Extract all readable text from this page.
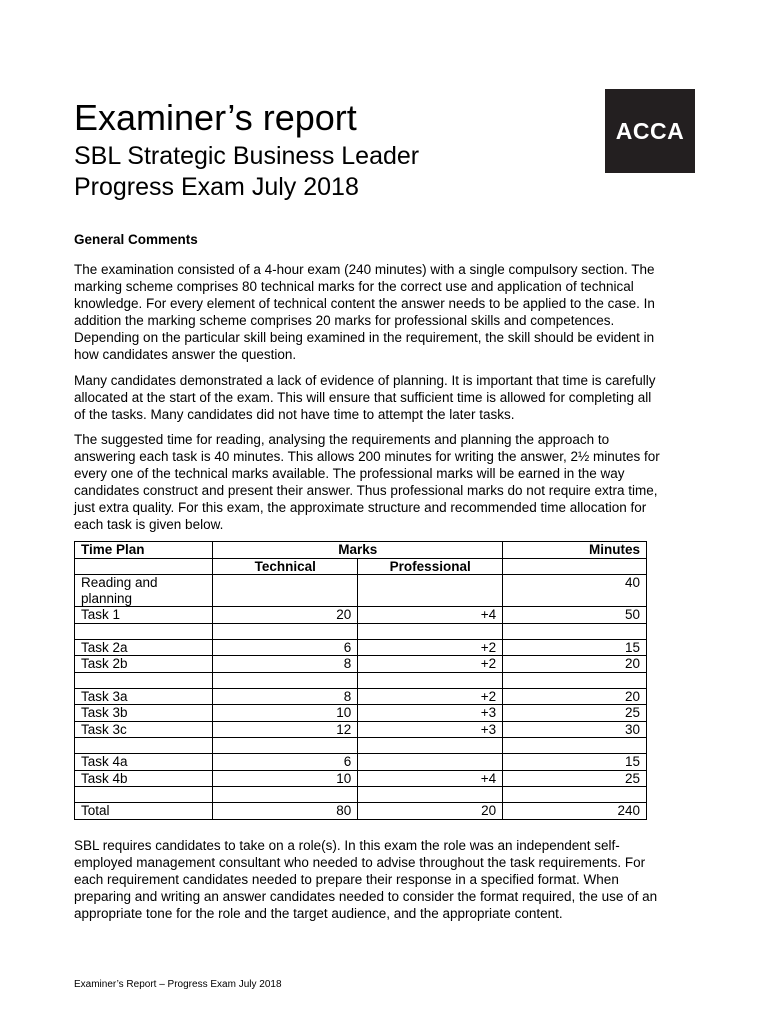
Examiner’s report
SBL Strategic Business Leader
Progress Exam July 2018
ACCA
General Comments

The examination consisted of a 4-hour exam (240 minutes) with a single compulsory section. The
marking scheme comprises 80 technical marks for the correct use and application of technical
knowledge. For every element of technical content the answer needs to be applied to the case. In
addition the marking scheme comprises 20 marks for professional skills and competences.
Depending on the particular skill being examined in the requirement, the skill should be evident in
how candidates answer the question.

Many candidates demonstrated a lack of evidence of planning. It is important that time is carefully
allocated at the start of the exam. This will ensure that sufficient time is allowed for completing all
of the tasks. Many candidates did not have time to attempt the later tasks.

The suggested time for reading, analysing the requirements and planning the approach to
answering each task is 40 minutes. This allows 200 minutes for writing the answer, 2½ minutes for
every one of the technical marks available. The professional marks will be earned in the way
candidates construct and present their answer. Thus professional marks do not require extra time,
just extra quality. For this exam, the approximate structure and recommended time allocation for
each task is given below.

Time Plan	Marks		Minutes
	Technical	Professional	
Reading and
planning			40
Task 1	20	+4	50

Task 2a	6	+2	15
Task 2b	8	+2	20

Task 3a	8	+2	20
Task 3b	10	+3	25
Task 3c	12	+3	30

Task 4a	6		15
Task 4b	10	+4	25

Total	80	20	240

SBL requires candidates to take on a role(s). In this exam the role was an independent self-
employed management consultant who needed to advise throughout the task requirements. For
each requirement candidates needed to prepare their response in a specified format. When
preparing and writing an answer candidates needed to consider the format required, the use of an
appropriate tone for the role and the target audience, and the appropriate content.

Examiner’s Report – Progress Exam July 2018
